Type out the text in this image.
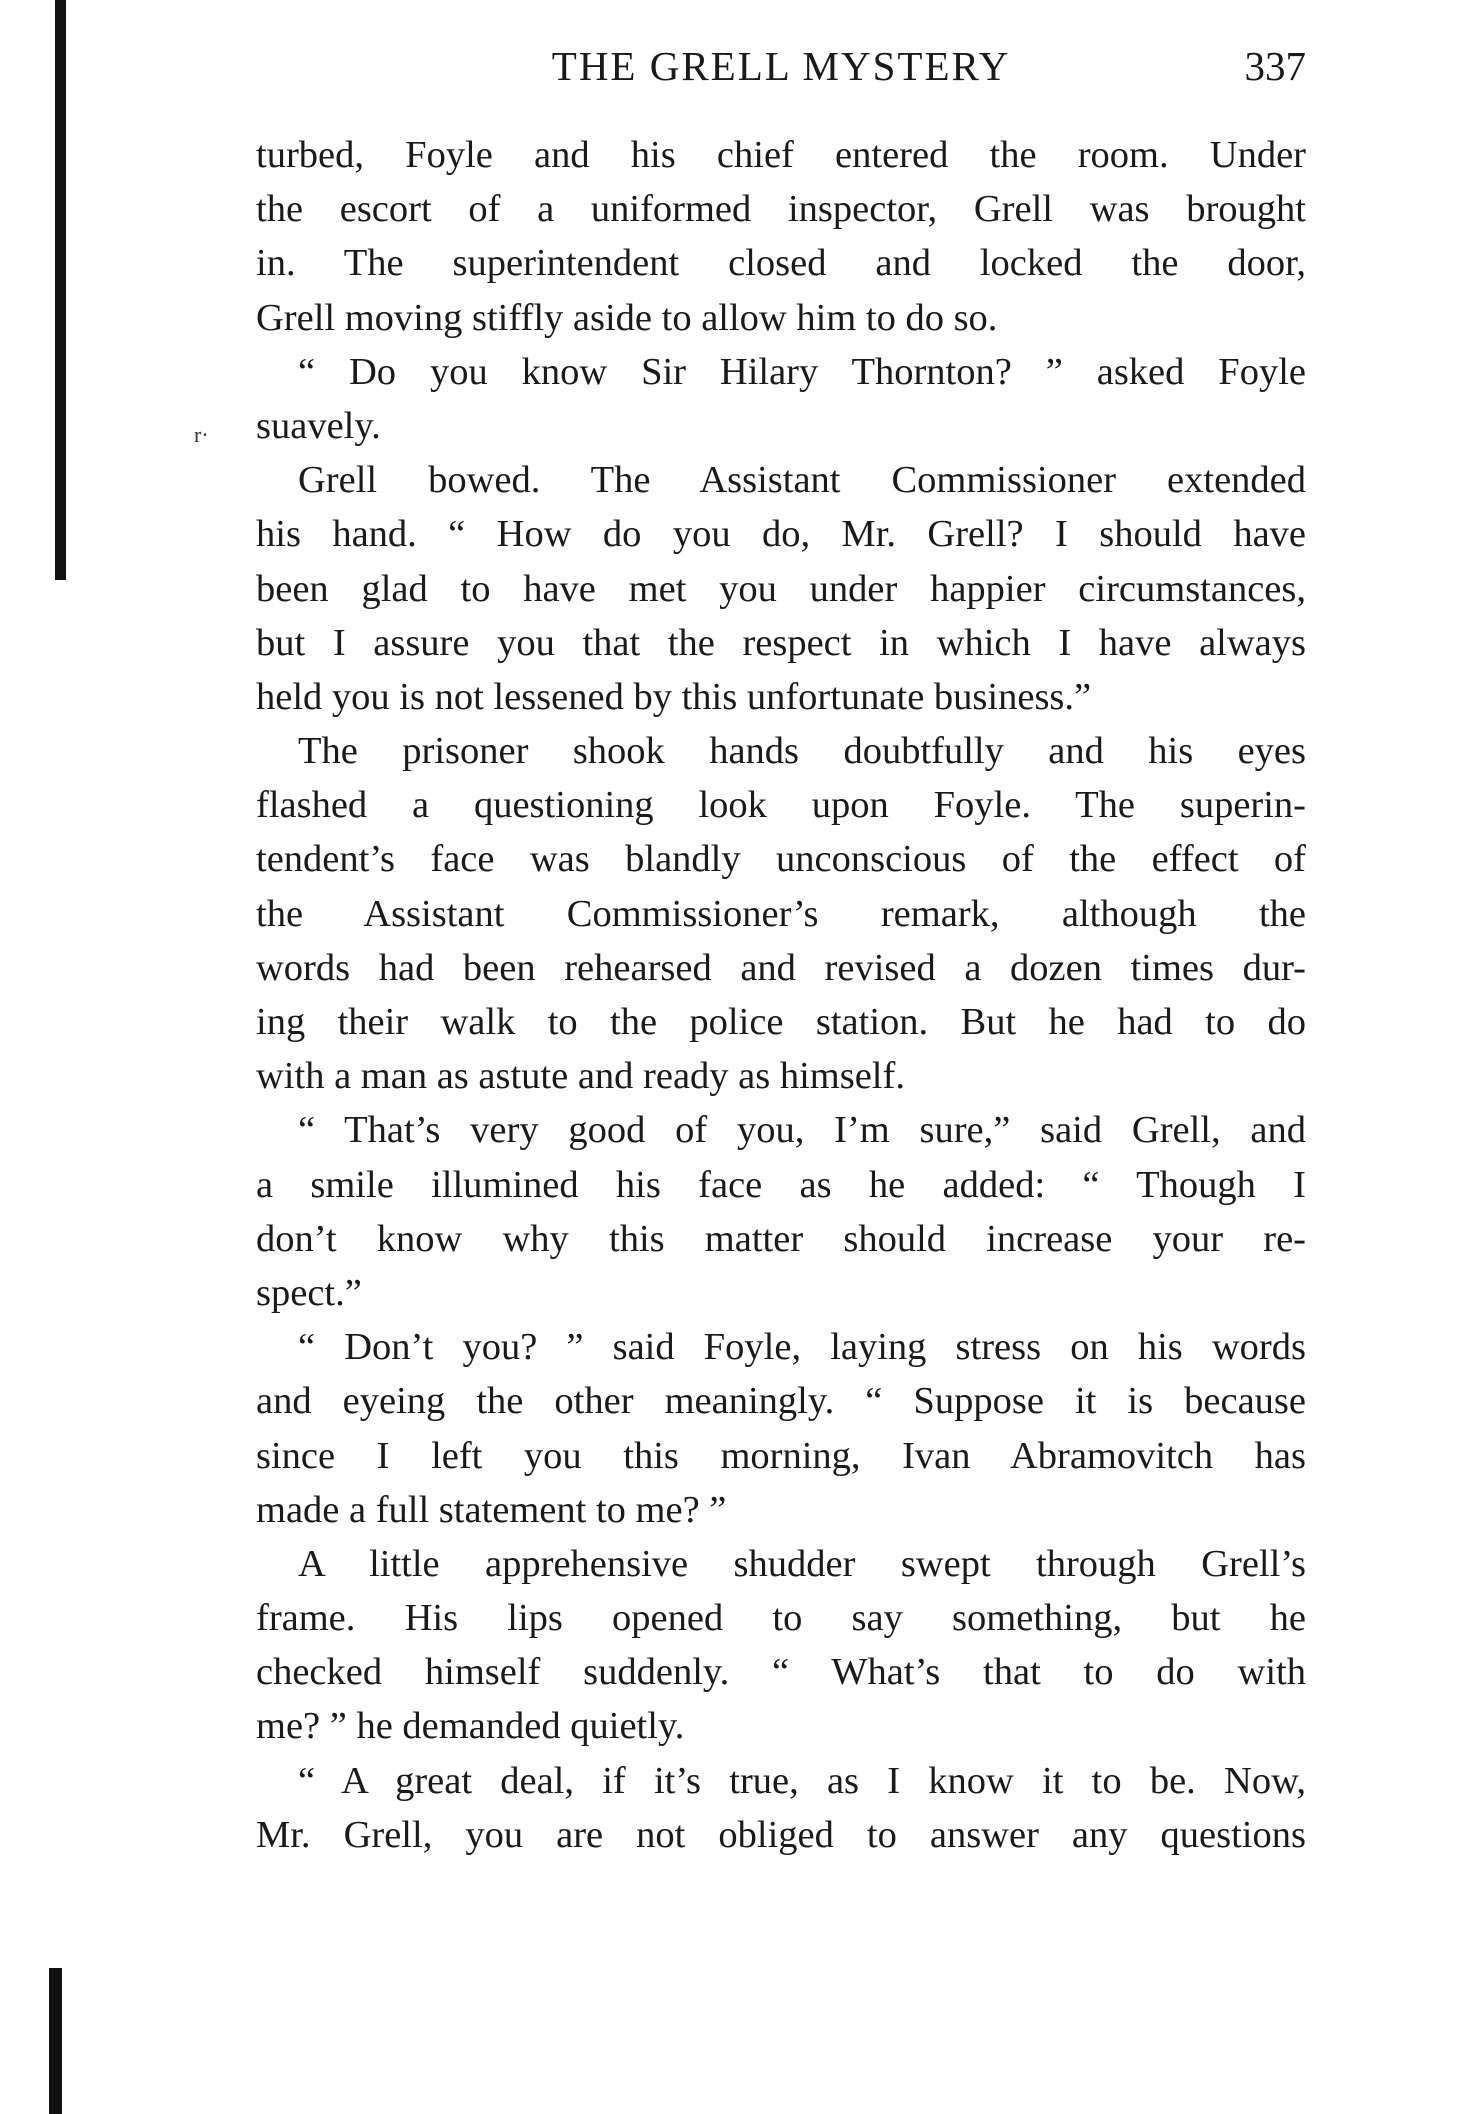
r·
THE GRELL MYSTERY	337
turbed, Foyle and his chief entered the room. Under
the escort of a uniformed inspector, Grell was brought
in. The superintendent closed and locked the door,
Grell moving stiffly aside to allow him to do so.
“ Do you know Sir Hilary Thornton? ” asked Foyle
suavely.
Grell bowed. The Assistant Commissioner extended
his hand. “ How do you do, Mr. Grell? I should have
been glad to have met you under happier circumstances,
but I assure you that the respect in which I have always
held you is not lessened by this unfortunate business.”
The prisoner shook hands doubtfully and his eyes
flashed a questioning look upon Foyle. The superin-
tendent’s face was blandly unconscious of the effect of
the Assistant Commissioner’s remark, although the
words had been rehearsed and revised a dozen times dur-
ing their walk to the police station. But he had to do
with a man as astute and ready as himself.
“ That’s very good of you, I’m sure,” said Grell, and
a smile illumined his face as he added: “ Though I
don’t know why this matter should increase your re-
spect.”
“ Don’t you? ” said Foyle, laying stress on his words
and eyeing the other meaningly. “ Suppose it is because
since I left you this morning, Ivan Abramovitch has
made a full statement to me? ”
A little apprehensive shudder swept through Grell’s
frame. His lips opened to say something, but he
checked himself suddenly. “ What’s that to do with
me? ” he demanded quietly.
“ A great deal, if it’s true, as I know it to be. Now,
Mr. Grell, you are not obliged to answer any questions
